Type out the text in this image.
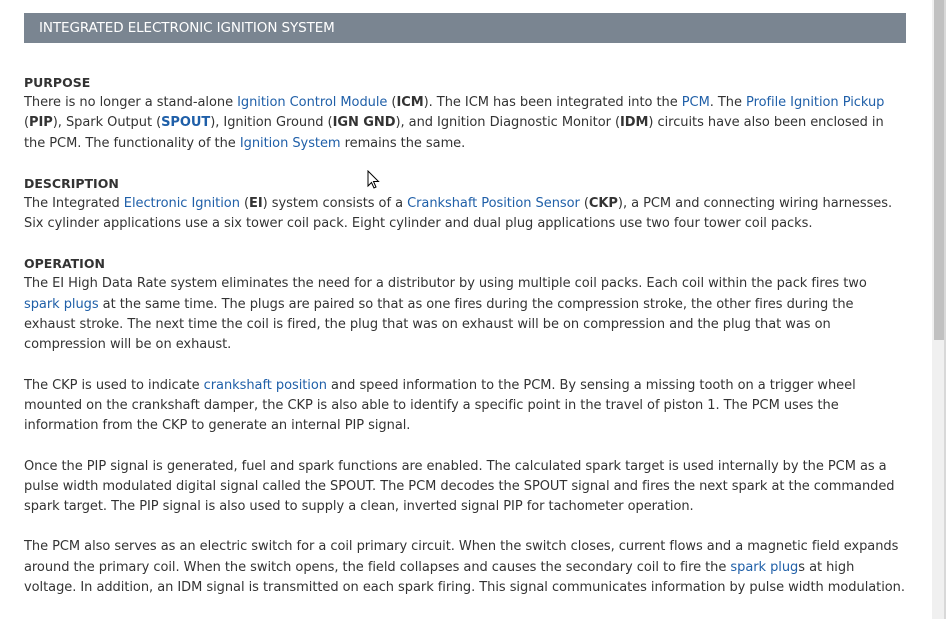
INTEGRATED ELECTRONIC IGNITION SYSTEM
PURPOSE

There is no longer a stand-alone Ignition Control Module (ICM). The ICM has been integrated into the PCM. The Profile Ignition Pickup (PIP), Spark Output (SPOUT), Ignition Ground (IGN GND), and Ignition Diagnostic Monitor (IDM) circuits have also been enclosed in the PCM. The functionality of the Ignition System remains the same.

DESCRIPTION

The Integrated Electronic Ignition (EI) system consists of a Crankshaft Position Sensor (CKP), a PCM and connecting wiring harnesses. Six cylinder applications use a six tower coil pack. Eight cylinder and dual plug applications use two four tower coil packs.

OPERATION

The EI High Data Rate system eliminates the need for a distributor by using multiple coil packs. Each coil within the pack fires two spark plugs at the same time. The plugs are paired so that as one fires during the compression stroke, the other fires during the exhaust stroke. The next time the coil is fired, the plug that was on exhaust will be on compression and the plug that was on compression will be on exhaust.

The CKP is used to indicate crankshaft position and speed information to the PCM. By sensing a missing tooth on a trigger wheel mounted on the crankshaft damper, the CKP is also able to identify a specific point in the travel of piston 1. The PCM uses the information from the CKP to generate an internal PIP signal.

Once the PIP signal is generated, fuel and spark functions are enabled. The calculated spark target is used internally by the PCM as a pulse width modulated digital signal called the SPOUT. The PCM decodes the SPOUT signal and fires the next spark at the commanded spark target. The PIP signal is also used to supply a clean, inverted signal PIP for tachometer operation.

The PCM also serves as an electric switch for a coil primary circuit. When the switch closes, current flows and a magnetic field expands around the primary coil. When the switch opens, the field collapses and causes the secondary coil to fire the spark plugs at high voltage. In addition, an IDM signal is transmitted on each spark firing. This signal communicates information by pulse width modulation.
